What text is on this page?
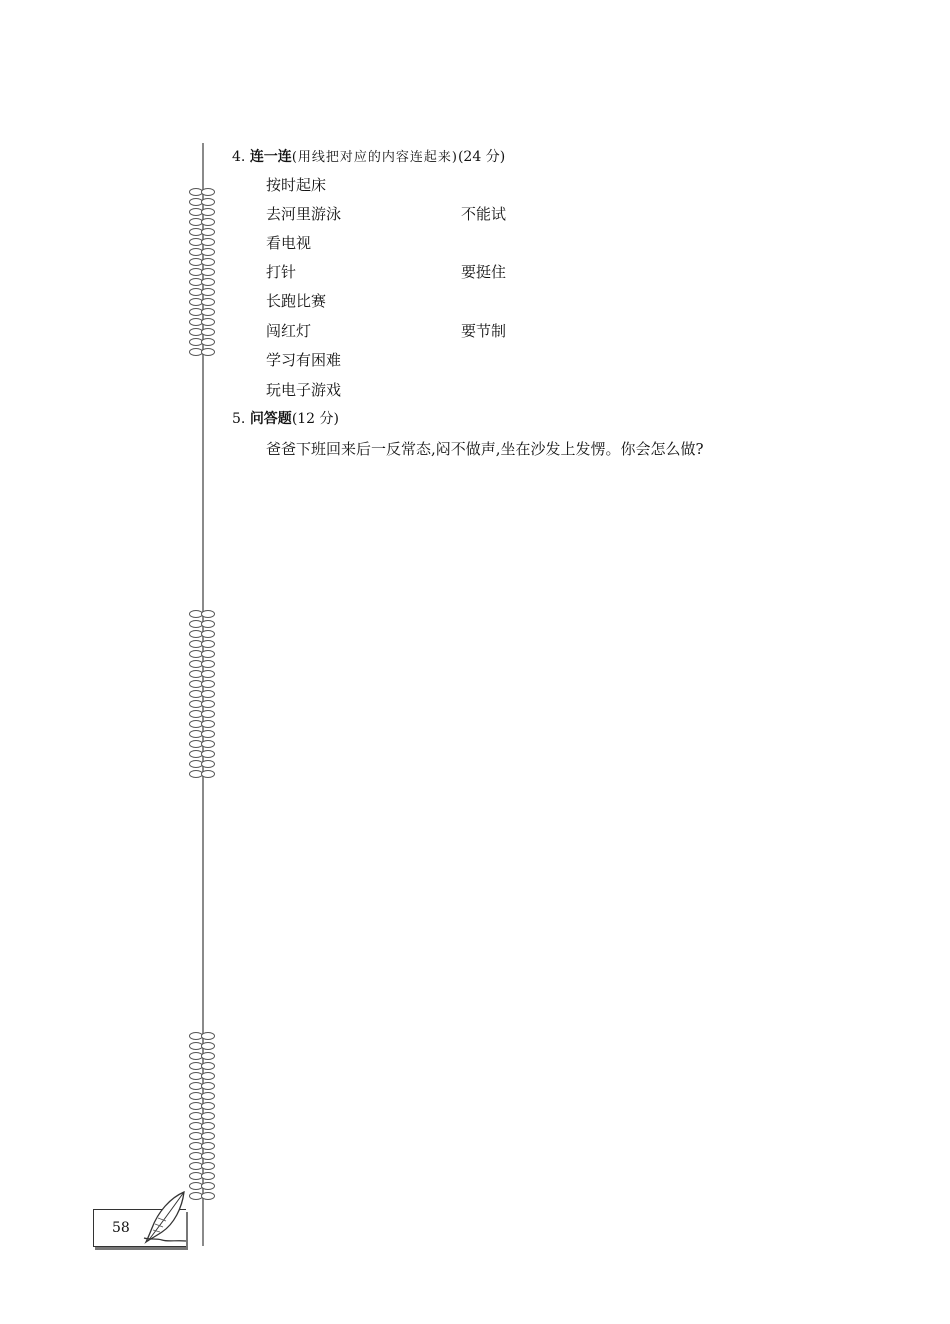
4. 连一连(用线把对应的内容连起来)(24 分)
按时起床
去河里游泳
看电视
打针
长跑比赛
闯红灯
学习有困难
玩电子游戏
不能试
要挺住
要节制
5. 问答题(12 分)
爸爸下班回来后一反常态,闷不做声,坐在沙发上发愣。你会怎么做?
58
